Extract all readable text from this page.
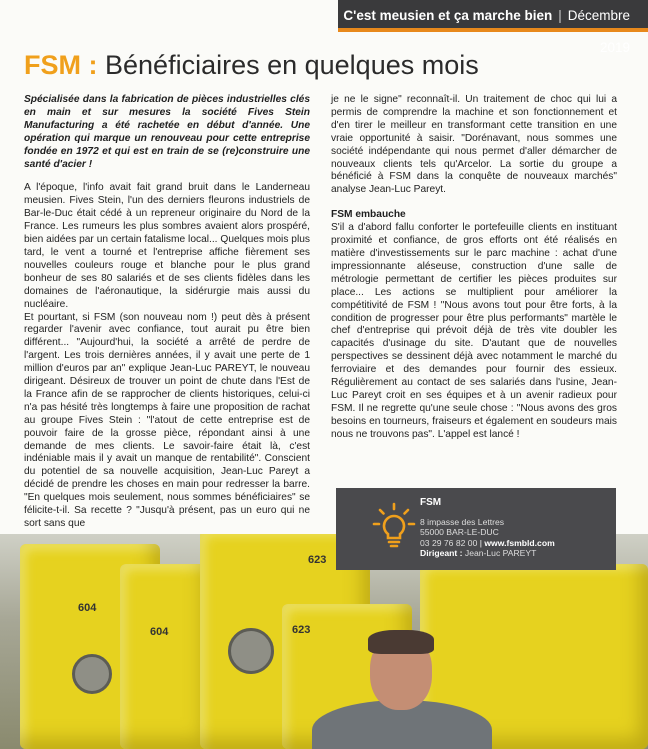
C'est meusien et ça marche bien | Décembre 2019
FSM : Bénéficiaires en quelques mois

Spécialisée dans la fabrication de pièces industrielles clés en main et sur mesures la société Fives Stein Manufacturing a été rachetée en début d'année. Une opération qui marque un renouveau pour cette entreprise fondée en 1972 et qui est en train de se (re)construire une santé d'acier !

A l'époque, l'info avait fait grand bruit dans le Landerneau meusien. Fives Stein, l'un des derniers fleurons industriels de Bar-le-Duc était cédé à un repreneur originaire du Nord de la France. Les rumeurs les plus sombres avaient alors prospéré, bien aidées par un certain fatalisme local... Quelques mois plus tard, le vent a tourné et l'entreprise affiche fièrement ses nouvelles couleurs rouge et blanche pour le plus grand bonheur de ses 80 salariés et de ses clients fidèles dans les domaines de l'aéronautique, la sidérurgie mais aussi du nucléaire.

Et pourtant, si FSM (son nouveau nom !) peut dès à présent regarder l'avenir avec confiance, tout aurait pu être bien différent... "Aujourd'hui, la société a arrêté de perdre de l'argent. Les trois dernières années, il y avait une perte de 1 million d'euros par an" explique Jean-Luc PAREYT, le nouveau dirigeant. Désireux de trouver un point de chute dans l'Est de la France afin de se rapprocher de clients historiques, celui-ci n'a pas hésité très longtemps à faire une proposition de rachat au groupe Fives Stein : "l'atout de cette entreprise est de pouvoir faire de la grosse pièce, répondant ainsi à une demande de mes clients. Le savoir-faire était là, c'est indéniable mais il y avait un manque de rentabilité". Conscient du potentiel de sa nouvelle acquisition, Jean-Luc Pareyt a décidé de prendre les choses en main pour redresser la barre. "En quelques mois seulement, nous sommes bénéficiaires" se félicite-t-il. Sa recette ? "Jusqu'à présent, pas un euro qui ne sort sans que

je ne le signe" reconnaît-il. Un traitement de choc qui lui a permis de comprendre la machine et son fonctionnement et d'en tirer le meilleur en transformant cette transition en une vraie opportunité à saisir. "Dorénavant, nous sommes une société indépendante qui nous permet d'aller démarcher de nouveaux clients tels qu'Arcelor. La sortie du groupe a bénéficié à FSM dans la conquête de nouveaux marchés" analyse Jean-Luc Pareyt.

FSM embauche

S'il a d'abord fallu conforter le portefeuille clients en instituant proximité et confiance, de gros efforts ont été réalisés en matière d'investissements sur le parc machine : achat d'une impressionnante aléseuse, construction d'une salle de métrologie permettant de certifier les pièces produites sur place... Les actions se multiplient pour améliorer la compétitivité de FSM ! "Nous avons tout pour être forts, à la condition de progresser pour être plus performants" martèle le chef d'entreprise qui prévoit déjà de très vite doubler les capacités d'usinage du site. D'autant que de nouvelles perspectives se dessinent déjà avec notamment le marché du ferroviaire et des demandes pour fournir des essieux. Régulièrement au contact de ses salariés dans l'usine, Jean-Luc Pareyt croit en ses équipes et à un avenir radieux pour FSM. Il ne regrette qu'une seule chose : "Nous avons des gros besoins en tourneurs, fraiseurs et également en soudeurs mais nous ne trouvons pas". L'appel est lancé !

604
604
623
623
FSM
8 impasse des Lettres
55000 BAR-LE-DUC
03 29 76 82 00 | www.fsmbld.com
Dirigeant : Jean-Luc PAREYT
